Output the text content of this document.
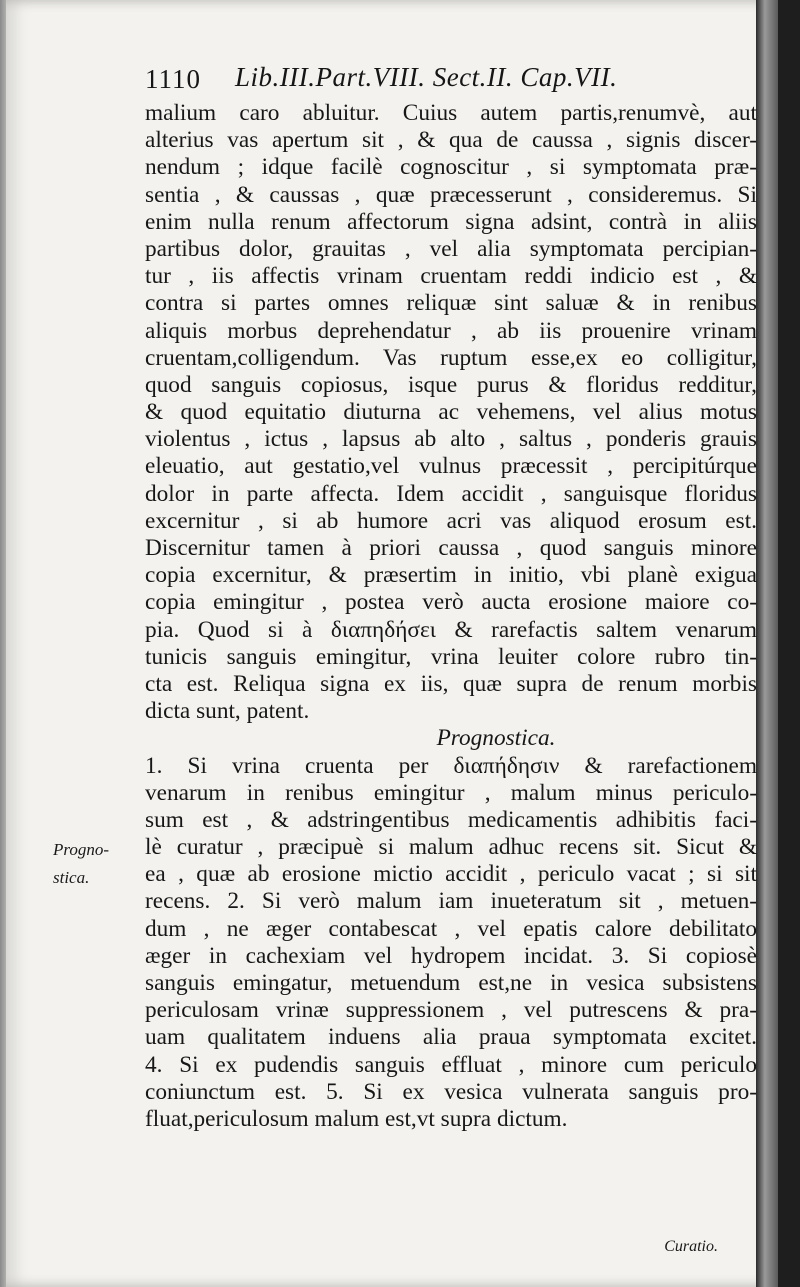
1110 Lib.III.Part.VIII. Sect.II. Cap.VII.
malium caro abluitur. Cuius autem partis,renumvè, aut
alterius vas apertum sit , & qua de caussa , signis discer-
nendum ; idque facilè cognoscitur , si symptomata præ-
sentia , & caussas , quæ præcesserunt , consideremus. Si
enim nulla renum affectorum signa adsint, contrà in aliis
partibus dolor, grauitas , vel alia symptomata percipian-
tur , iis affectis vrinam cruentam reddi indicio est , &
contra si partes omnes reliquæ sint saluæ & in renibus
aliquis morbus deprehendatur , ab iis prouenire vrinam
cruentam,colligendum. Vas ruptum esse,ex eo colligitur,
quod sanguis copiosus, isque purus & floridus redditur,
& quod equitatio diuturna ac vehemens, vel alius motus
violentus , ictus , lapsus ab alto , saltus , ponderis grauis
eleuatio, aut gestatio,vel vulnus præcessit , percipitúrque
dolor in parte affecta. Idem accidit , sanguisque floridus
excernitur , si ab humore acri vas aliquod erosum est.
Discernitur tamen à priori caussa , quod sanguis minore
copia excernitur, & præsertim in initio, vbi planè exigua
copia emingitur , postea verò aucta erosione maiore co-
pia. Quod si à διαπηδήσει & rarefactis saltem venarum
tunicis sanguis emingitur, vrina leuiter colore rubro tin-
cta est. Reliqua signa ex iis, quæ supra de renum morbis
dicta sunt, patent.
Prognostica.
1. Si vrina cruenta per διαπήδησιν & rarefactionem
venarum in renibus emingitur , malum minus periculo-
sum est , & adstringentibus medicamentis adhibitis faci-
lè curatur , præcipuè si malum adhuc recens sit. Sicut &
ea , quæ ab erosione mictio accidit , periculo vacat ; si sit
recens. 2. Si verò malum iam inueteratum sit , metuen-
dum , ne æger contabescat , vel epatis calore debilitato
æger in cachexiam vel hydropem incidat. 3. Si copiosè
sanguis emingatur, metuendum est,ne in vesica subsistens
periculosam vrinæ suppressionem , vel putrescens & pra-
uam qualitatem induens alia praua symptomata excitet.
4. Si ex pudendis sanguis effluat , minore cum periculo
coniunctum est. 5. Si ex vesica vulnerata sanguis pro-
fluat,periculosum malum est,vt supra dictum.
Progno-
stica.
Curatio.
